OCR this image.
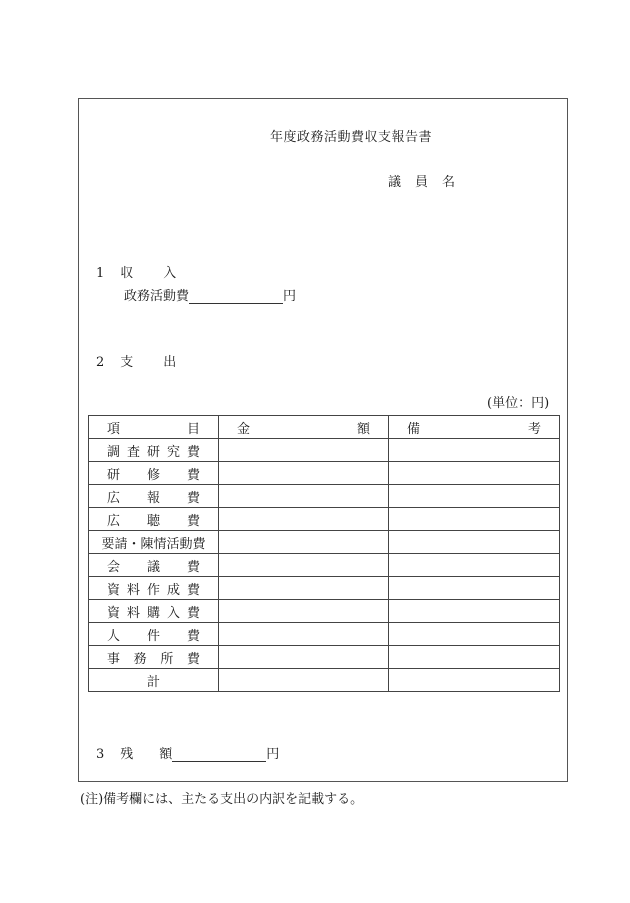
年度政務活動費収支報告書
議員名
1 収入
政務活動費	円
2 支出
(単位：円)
項 目	金 額	備 考

調査研究費		
研修費		
広報費		
広聴費		
要請・陳情活動費		
会議費		
資料作成費		
資料購入費		
人件費		
事務所費		
計		
3 残　　額	円
(注)備考欄には、主たる支出の内訳を記載する。
